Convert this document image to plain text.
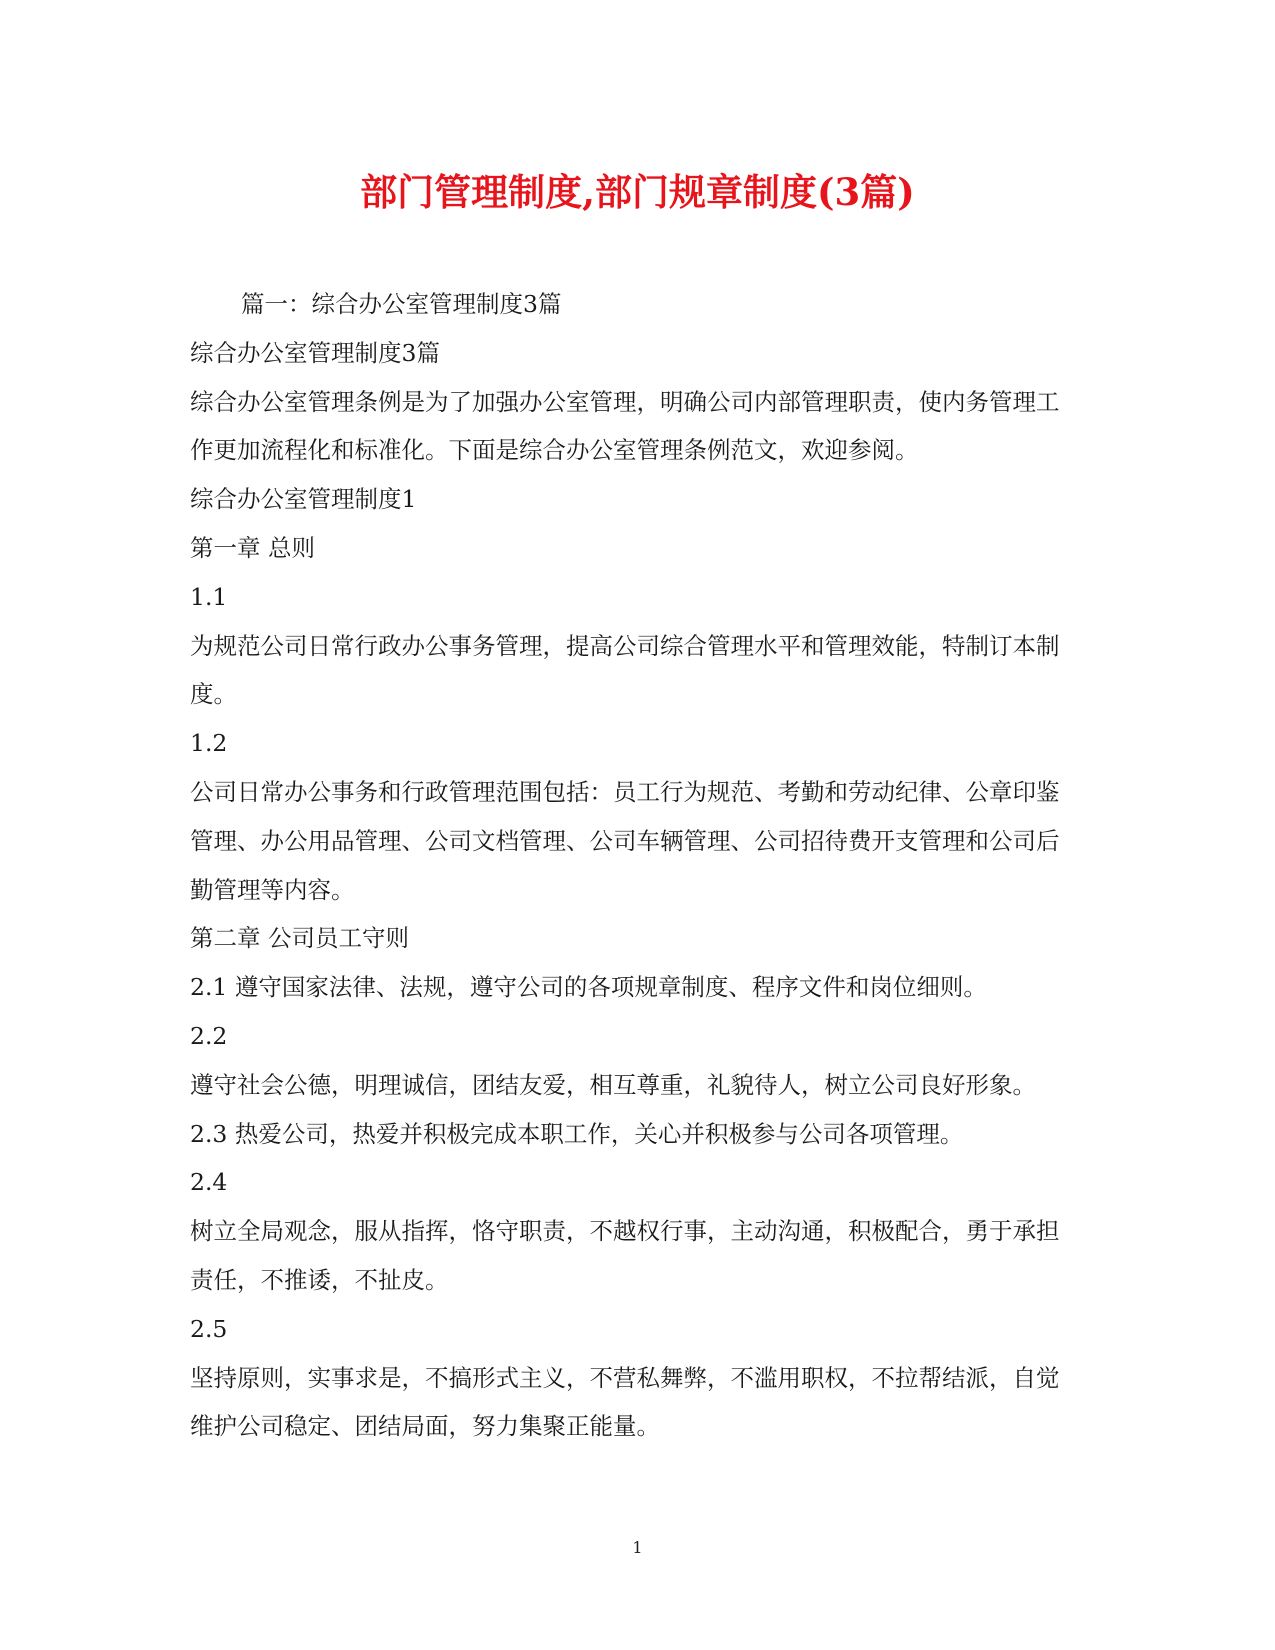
部门管理制度,部门规章制度(3篇)

篇一：综合办公室管理制度3篇

综合办公室管理制度3篇

综合办公室管理条例是为了加强办公室管理，明确公司内部管理职责，使内务管理工作更加流程化和标准化。下面是综合办公室管理条例范文，欢迎参阅。

综合办公室管理制度1

第一章 总则

1.1

为规范公司日常行政办公事务管理，提高公司综合管理水平和管理效能，特制订本制度。

1.2

公司日常办公事务和行政管理范围包括：员工行为规范、考勤和劳动纪律、公章印鉴管理、办公用品管理、公司文档管理、公司车辆管理、公司招待费开支管理和公司后勤管理等内容。

第二章 公司员工守则

2.1 遵守国家法律、法规，遵守公司的各项规章制度、程序文件和岗位细则。

2.2

遵守社会公德，明理诚信，团结友爱，相互尊重，礼貌待人，树立公司良好形象。

2.3 热爱公司，热爱并积极完成本职工作，关心并积极参与公司各项管理。

2.4

树立全局观念，服从指挥，恪守职责，不越权行事，主动沟通，积极配合，勇于承担责任，不推诿，不扯皮。

2.5

坚持原则，实事求是，不搞形式主义，不营私舞弊，不滥用职权，不拉帮结派，自觉维护公司稳定、团结局面，努力集聚正能量。

1
